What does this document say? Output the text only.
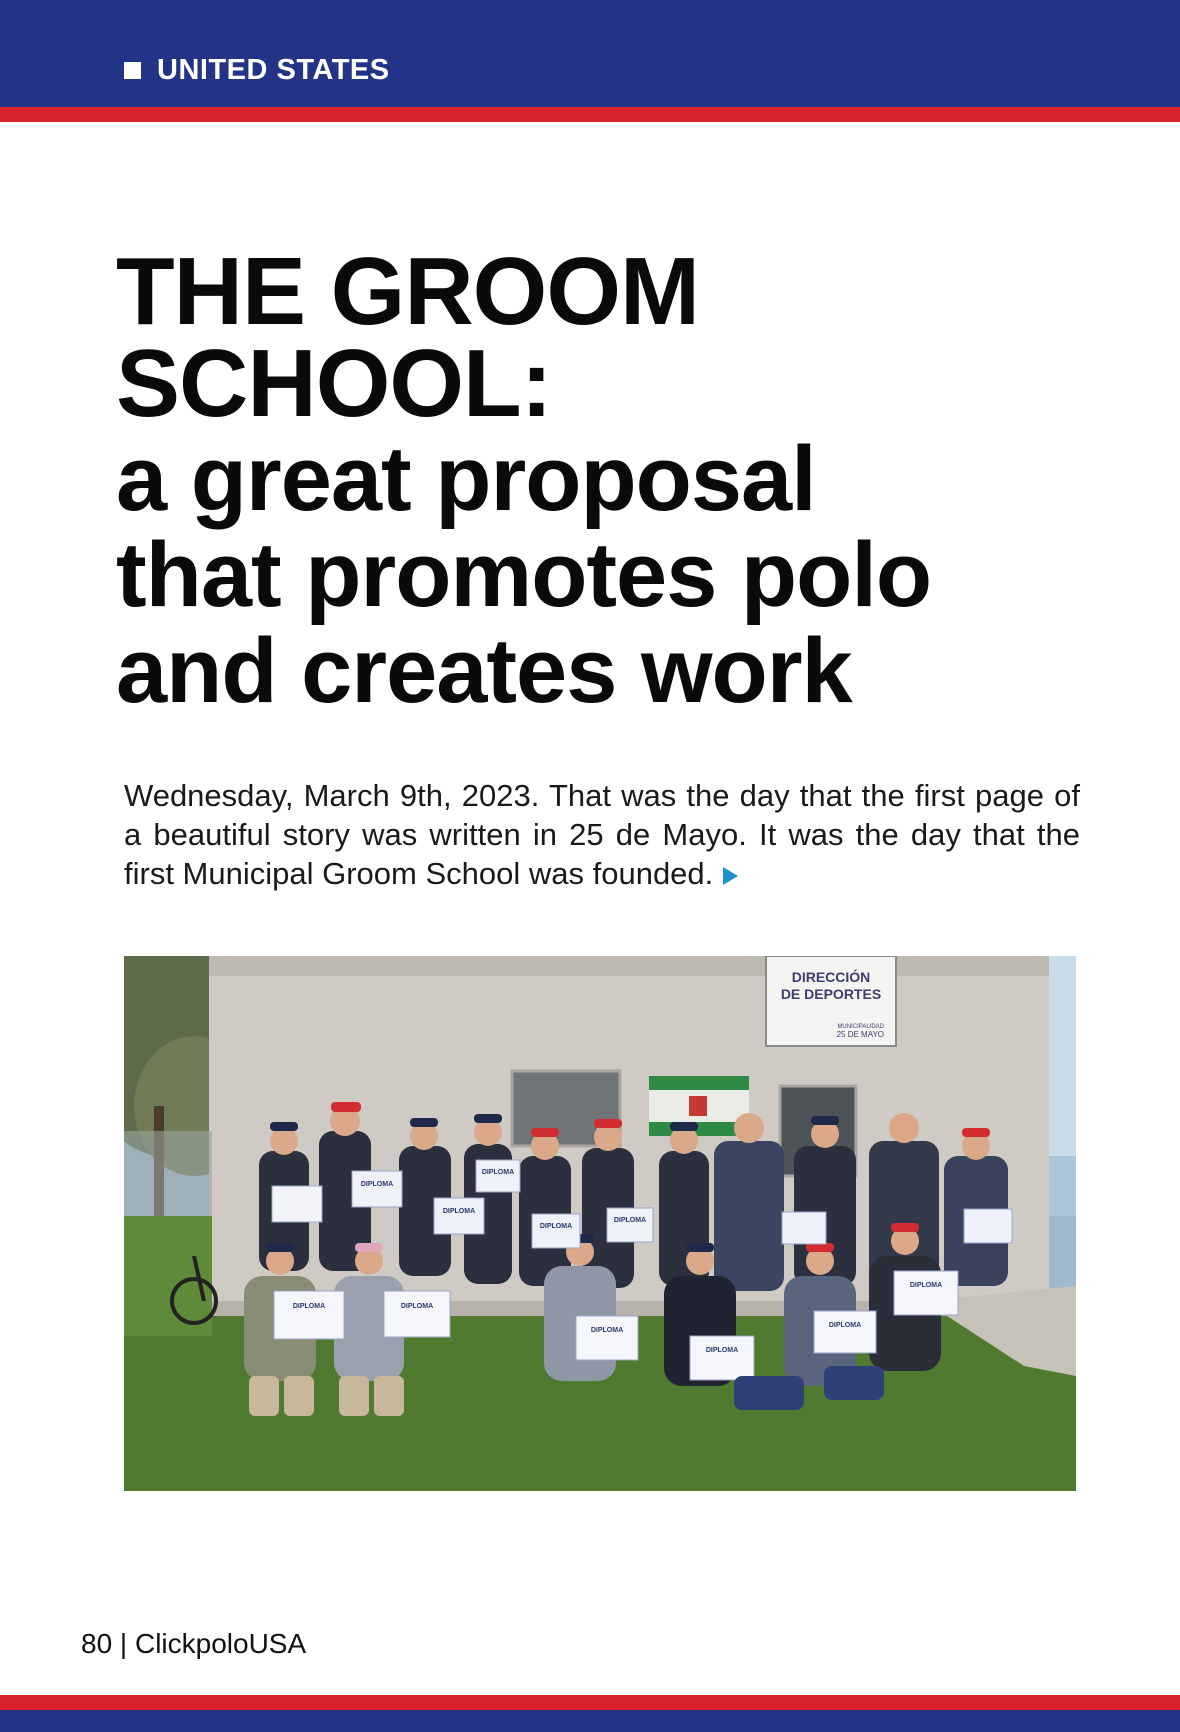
UNITED STATES
THE GROOM
SCHOOL:
a great proposal
that promotes polo
and creates work

Wednesday, March 9th, 2023. That was the day that the first page of a beautiful story was written in 25 de Mayo. It was the day that the first Municipal Groom School was founded.

DIRECCIÓN
DE DEPORTES
MUNICIPALIDAD
25 DE MAYO
DIPLOMA
DIPLOMA
DIPLOMA
DIPLOMA
DIPLOMA
DIPLOMA	DIPLOMA
DIPLOMA
DIPLOMA
DIPLOMA
DIPLOMA
80 | ClickpoloUSA
